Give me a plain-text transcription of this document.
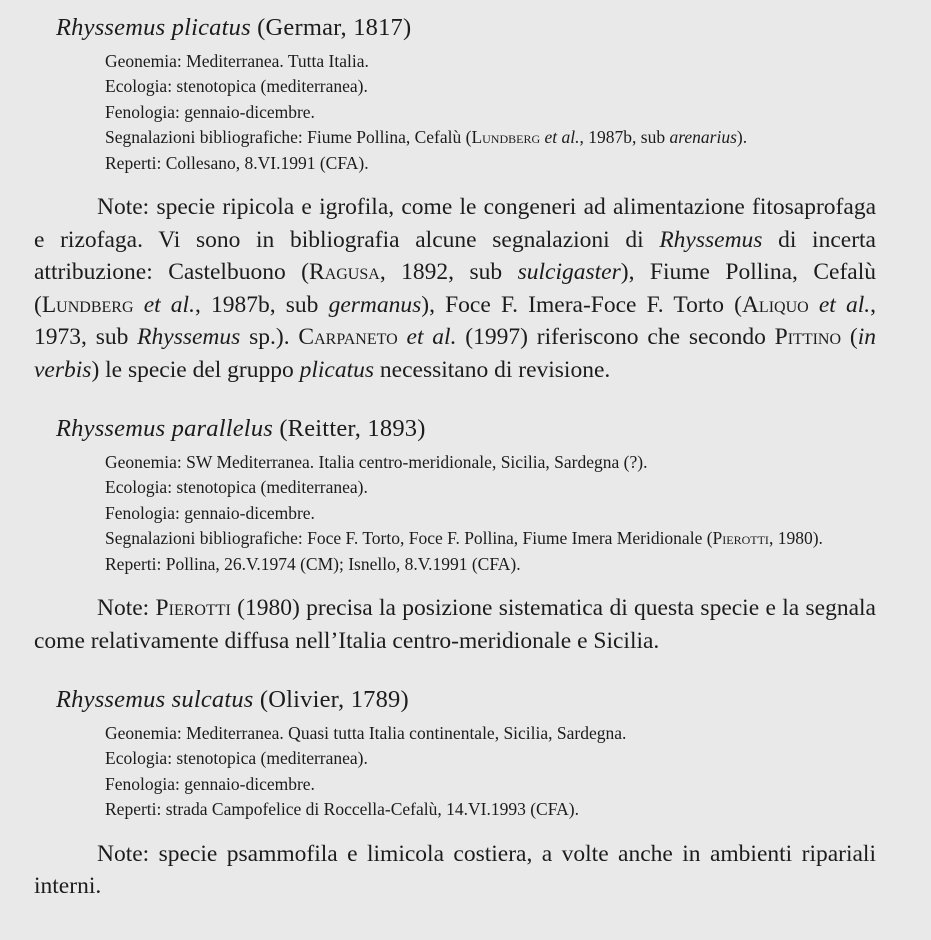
Rhyssemus plicatus (Germar, 1817)
Geonemia: Mediterranea. Tutta Italia.
Ecologia: stenotopica (mediterranea).
Fenologia: gennaio-dicembre.
Segnalazioni bibliografiche: Fiume Pollina, Cefalù (Lundberg et al., 1987b, sub arenarius).
Reperti: Collesano, 8.VI.1991 (CFA).

Note: specie ripicola e igrofila, come le congeneri ad alimentazione fitosaprofaga e rizofaga. Vi sono in bibliografia alcune segnalazioni di Rhyssemus di incerta attribuzione: Castelbuono (Ragusa, 1892, sub sulcigaster), Fiume Pollina, Cefalù (Lundberg et al., 1987b, sub germanus), Foce F. Imera-Foce F. Torto (Aliquo et al., 1973, sub Rhyssemus sp.). Carpaneto et al. (1997) riferiscono che secondo Pittino (in verbis) le specie del gruppo plicatus necessitano di revisione.

Rhyssemus parallelus (Reitter, 1893)
Geonemia: SW Mediterranea. Italia centro-meridionale, Sicilia, Sardegna (?).
Ecologia: stenotopica (mediterranea).
Fenologia: gennaio-dicembre.
Segnalazioni bibliografiche: Foce F. Torto, Foce F. Pollina, Fiume Imera Meridionale (Pierotti, 1980).
Reperti: Pollina, 26.V.1974 (CM); Isnello, 8.V.1991 (CFA).

Note: Pierotti (1980) precisa la posizione sistematica di questa specie e la segnala come relativamente diffusa nell’Italia centro-meridionale e Sicilia.

Rhyssemus sulcatus (Olivier, 1789)
Geonemia: Mediterranea. Quasi tutta Italia continentale, Sicilia, Sardegna.
Ecologia: stenotopica (mediterranea).
Fenologia: gennaio-dicembre.
Reperti: strada Campofelice di Roccella-Cefalù, 14.VI.1993 (CFA).

Note: specie psammofila e limicola costiera, a volte anche in ambienti ripariali interni.
